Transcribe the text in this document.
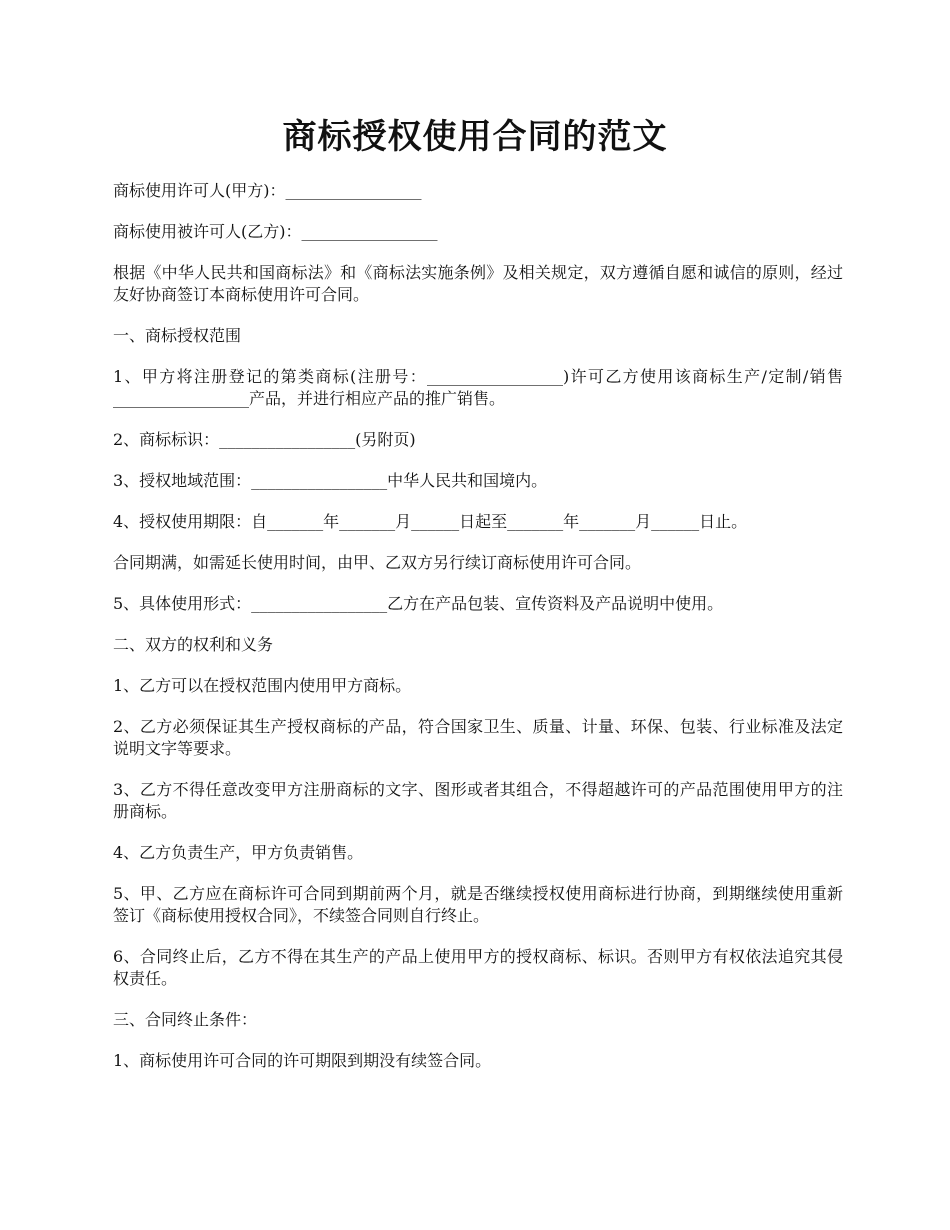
商标授权使用合同的范文

商标使用许可人(甲方)：_________________

商标使用被许可人(乙方)：_________________

根据《中华人民共和国商标法》和《商标法实施条例》及相关规定，双方遵循自愿和诚信的原则，经过友好协商签订本商标使用许可合同。

一、商标授权范围

1、甲方将注册登记的第类商标(注册号：_________________)许可乙方使用该商标生产/定制/销售_________________产品，并进行相应产品的推广销售。

2、商标标识：_________________(另附页)

3、授权地域范围：_________________中华人民共和国境内。

4、授权使用期限：自_______年_______月______日起至_______年_______月______日止。

合同期满，如需延长使用时间，由甲、乙双方另行续订商标使用许可合同。

5、具体使用形式：_________________乙方在产品包装、宣传资料及产品说明中使用。

二、双方的权利和义务

1、乙方可以在授权范围内使用甲方商标。

2、乙方必须保证其生产授权商标的产品，符合国家卫生、质量、计量、环保、包装、行业标准及法定说明文字等要求。

3、乙方不得任意改变甲方注册商标的文字、图形或者其组合，不得超越许可的产品范围使用甲方的注册商标。

4、乙方负责生产，甲方负责销售。

5、甲、乙方应在商标许可合同到期前两个月，就是否继续授权使用商标进行协商，到期继续使用重新签订《商标使用授权合同》，不续签合同则自行终止。

6、合同终止后，乙方不得在其生产的产品上使用甲方的授权商标、标识。否则甲方有权依法追究其侵权责任。

三、合同终止条件：

1、商标使用许可合同的许可期限到期没有续签合同。
